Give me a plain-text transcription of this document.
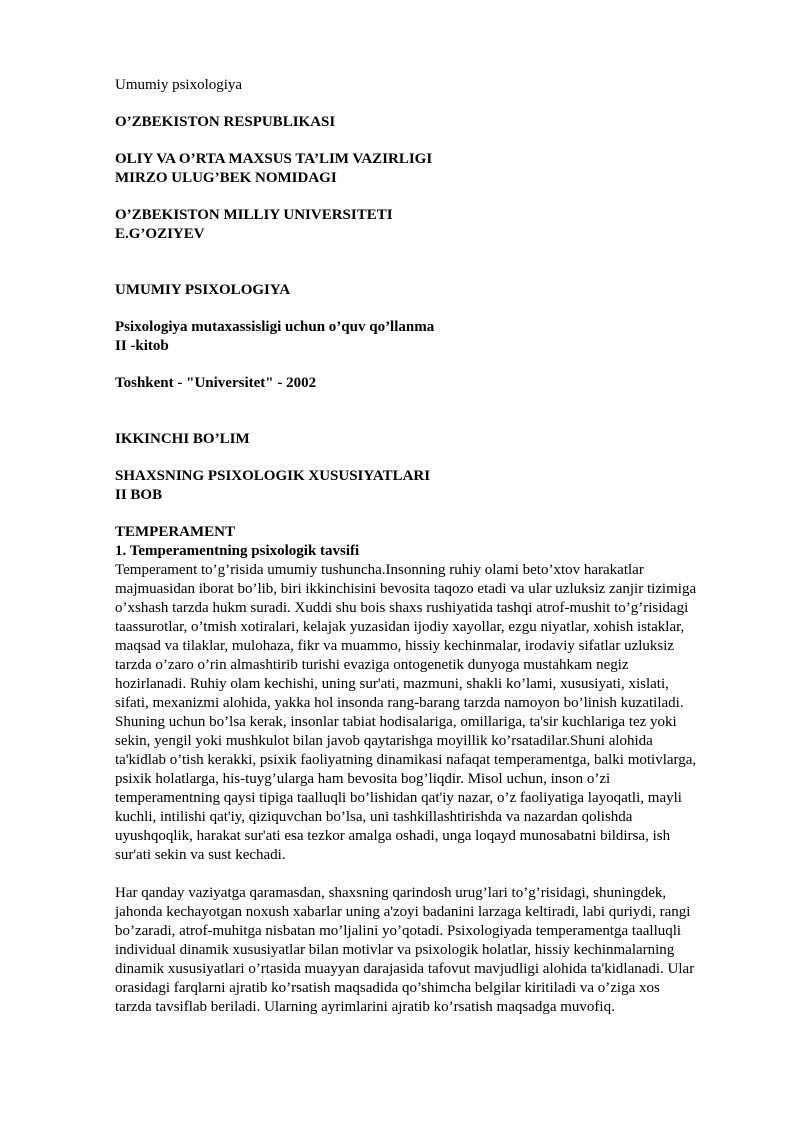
Umumiy psixologiya
O’ZBEKISTON RESPUBLIKASI
OLIY VA O’RTA MAXSUS TA’LIM VAZIRLIGI
MIRZO ULUG’BEK NOMIDAGI
O’ZBEKISTON MILLIY UNIVERSITETI
E.G’OZIYEV
UMUMIY PSIXOLOGIYA
Psixologiya mutaxassisligi uchun o’quv qo’llanma
II -kitob
Toshkent - "Universitet" - 2002
IKKINCHI BO’LIM
SHAXSNING PSIXOLOGIK XUSUSIYATLARI
II BOB
TEMPERAMENT
1. Temperamentning psixologik tavsifi
Temperament to’g’risida umumiy tushuncha.Insonning ruhiy olami beto’xtov harakatlar
majmuasidan iborat bo’lib, biri ikkinchisini bevosita taqozo etadi va ular uzluksiz zanjir tizimiga
o’xshash tarzda hukm suradi. Xuddi shu bois shaxs rushiyatida tashqi atrof-mushit to’g’risidagi
taassurotlar, o’tmish xotiralari, kelajak yuzasidan ijodiy xayollar, ezgu niyatlar, xohish istaklar,
maqsad va tilaklar, mulohaza, fikr va muammo, hissiy kechinmalar, irodaviy sifatlar uzluksiz
tarzda o’zaro o’rin almashtirib turishi evaziga ontogenetik dunyoga mustahkam negiz
hozirlanadi. Ruhiy olam kechishi, uning sur'ati, mazmuni, shakli ko’lami, xususiyati, xislati,
sifati, mexanizmi alohida, yakka hol insonda rang-barang tarzda namoyon bo’linish kuzatiladi.
Shuning uchun bo’lsa kerak, insonlar tabiat hodisalariga, omillariga, ta'sir kuchlariga tez yoki
sekin, yengil yoki mushkulot bilan javob qaytarishga moyillik ko’rsatadilar.Shuni alohida
ta'kidlab o’tish kerakki, psixik faoliyatning dinamikasi nafaqat temperamentga, balki motivlarga,
psixik holatlarga, his-tuyg’ularga ham bevosita bog’liqdir. Misol uchun, inson o’zi
temperamentning qaysi tipiga taalluqli bo’lishidan qat'iy nazar, o’z faoliyatiga layoqatli, mayli
kuchli, intilishi qat'iy, qiziquvchan bo’lsa, uni tashkillashtirishda va nazardan qolishda
uyushqoqlik, harakat sur'ati esa tezkor amalga oshadi, unga loqayd munosabatni bildirsa, ish
sur'ati sekin va sust kechadi.
Har qanday vaziyatga qaramasdan, shaxsning qarindosh urug’lari to’g’risidagi, shuningdek,
jahonda kechayotgan noxush xabarlar uning a'zoyi badanini larzaga keltiradi, labi quriydi, rangi
bo’zaradi, atrof-muhitga nisbatan mo’ljalini yo’qotadi. Psixologiyada temperamentga taalluqli
individual dinamik xususiyatlar bilan motivlar va psixologik holatlar, hissiy kechinmalarning
dinamik xususiyatlari o’rtasida muayyan darajasida tafovut mavjudligi alohida ta'kidlanadi. Ular
orasidagi farqlarni ajratib ko’rsatish maqsadida qo’shimcha belgilar kiritiladi va o’ziga xos
tarzda tavsiflab beriladi. Ularning ayrimlarini ajratib ko’rsatish maqsadga muvofiq.
